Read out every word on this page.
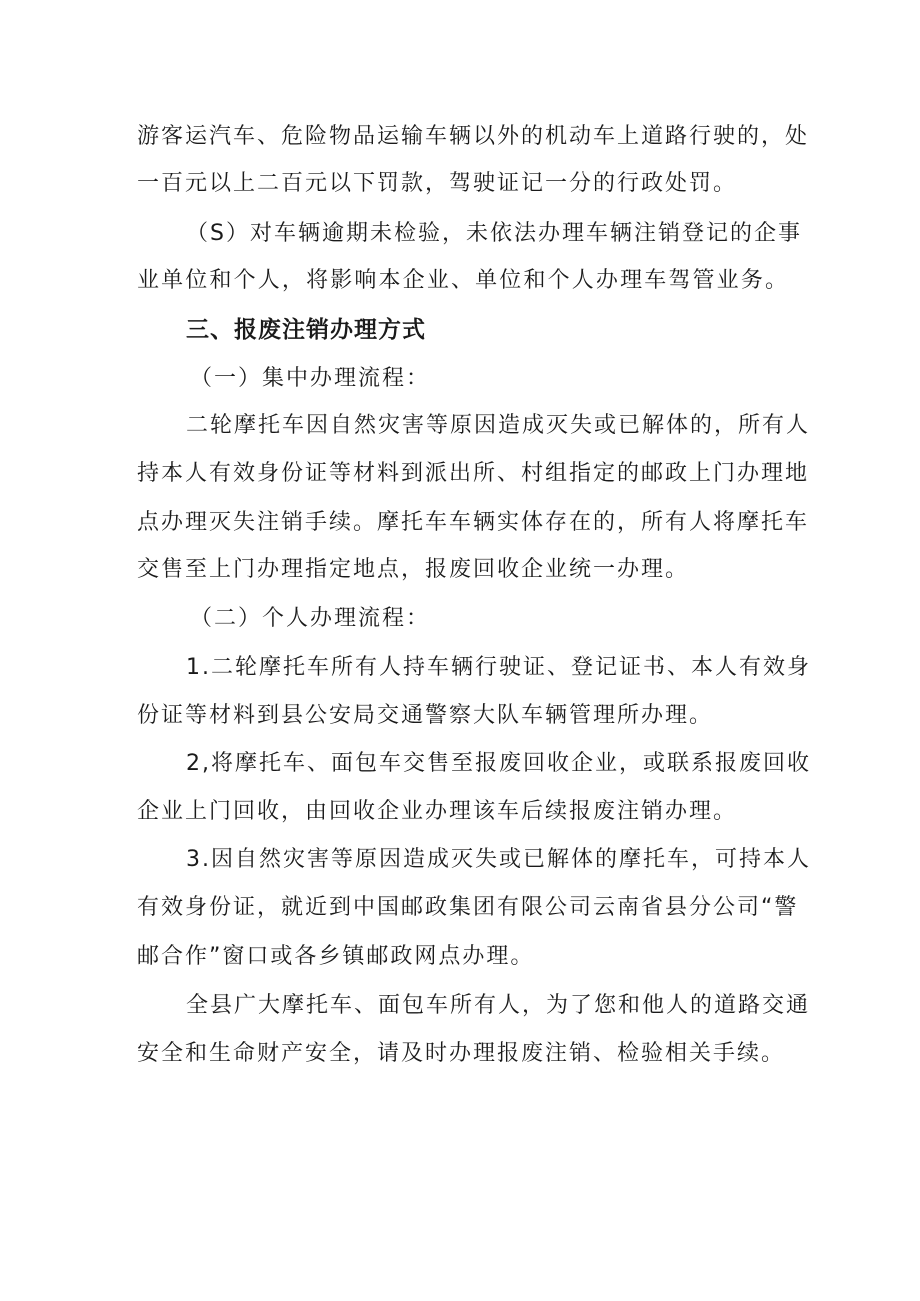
游客运汽车、危险物品运输车辆以外的机动车上道路行驶的，处
一百元以上二百元以下罚款，驾驶证记一分的行政处罚。
（S）对车辆逾期未检验，未依法办理车辆注销登记的企事
业单位和个人，将影响本企业、单位和个人办理车驾管业务。
三、报废注销办理方式
（一）集中办理流程：
二轮摩托车因自然灾害等原因造成灭失或已解体的，所有人
持本人有效身份证等材料到派出所、村组指定的邮政上门办理地
点办理灭失注销手续。摩托车车辆实体存在的，所有人将摩托车
交售至上门办理指定地点，报废回收企业统一办理。
（二）个人办理流程：
1.二轮摩托车所有人持车辆行驶证、登记证书、本人有效身
份证等材料到县公安局交通警察大队车辆管理所办理。
2,将摩托车、面包车交售至报废回收企业，或联系报废回收
企业上门回收，由回收企业办理该车后续报废注销办理。
3.因自然灾害等原因造成灭失或已解体的摩托车，可持本人
有效身份证，就近到中国邮政集团有限公司云南省县分公司“警
邮合作”窗口或各乡镇邮政网点办理。
全县广大摩托车、面包车所有人，为了您和他人的道路交通
安全和生命财产安全，请及时办理报废注销、检验相关手续。
